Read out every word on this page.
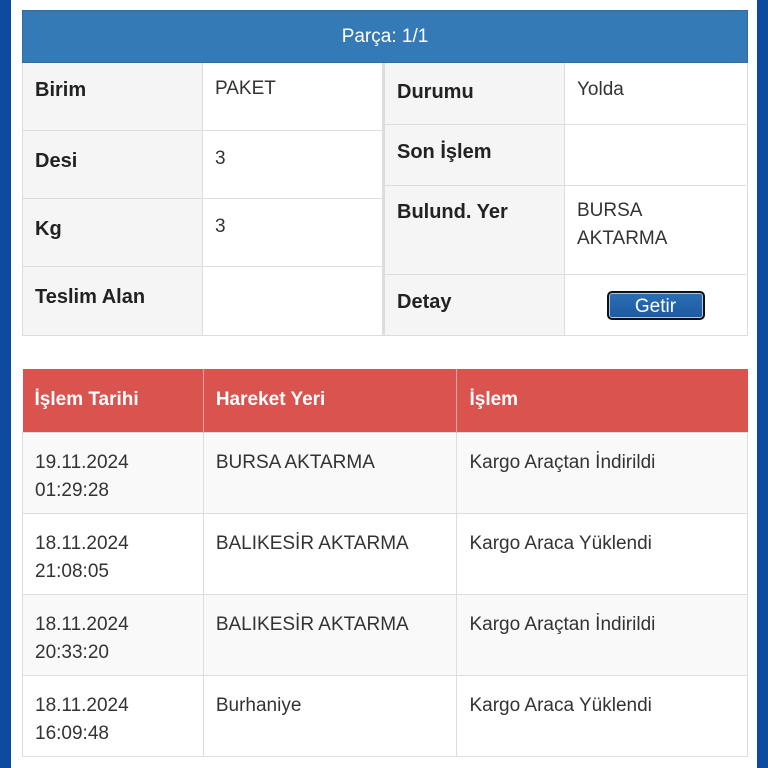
Parça: 1/1
Birim	PAKET
Desi	3
Kg	3
Teslim Alan
Durumu	Yolda
Son İşlem
Bulund. Yer	BURSA
AKTARMA
Detay	Getir
İşlem Tarihi	Hareket Yeri	İşlem

19.11.2024
01:29:28	BURSA AKTARMA	Kargo Araçtan İndirildi

18.11.2024
21:08:05	BALIKESİR AKTARMA	Kargo Araca Yüklendi

18.11.2024
20:33:20	BALIKESİR AKTARMA	Kargo Araçtan İndirildi

18.11.2024
16:09:48	Burhaniye	Kargo Araca Yüklendi
